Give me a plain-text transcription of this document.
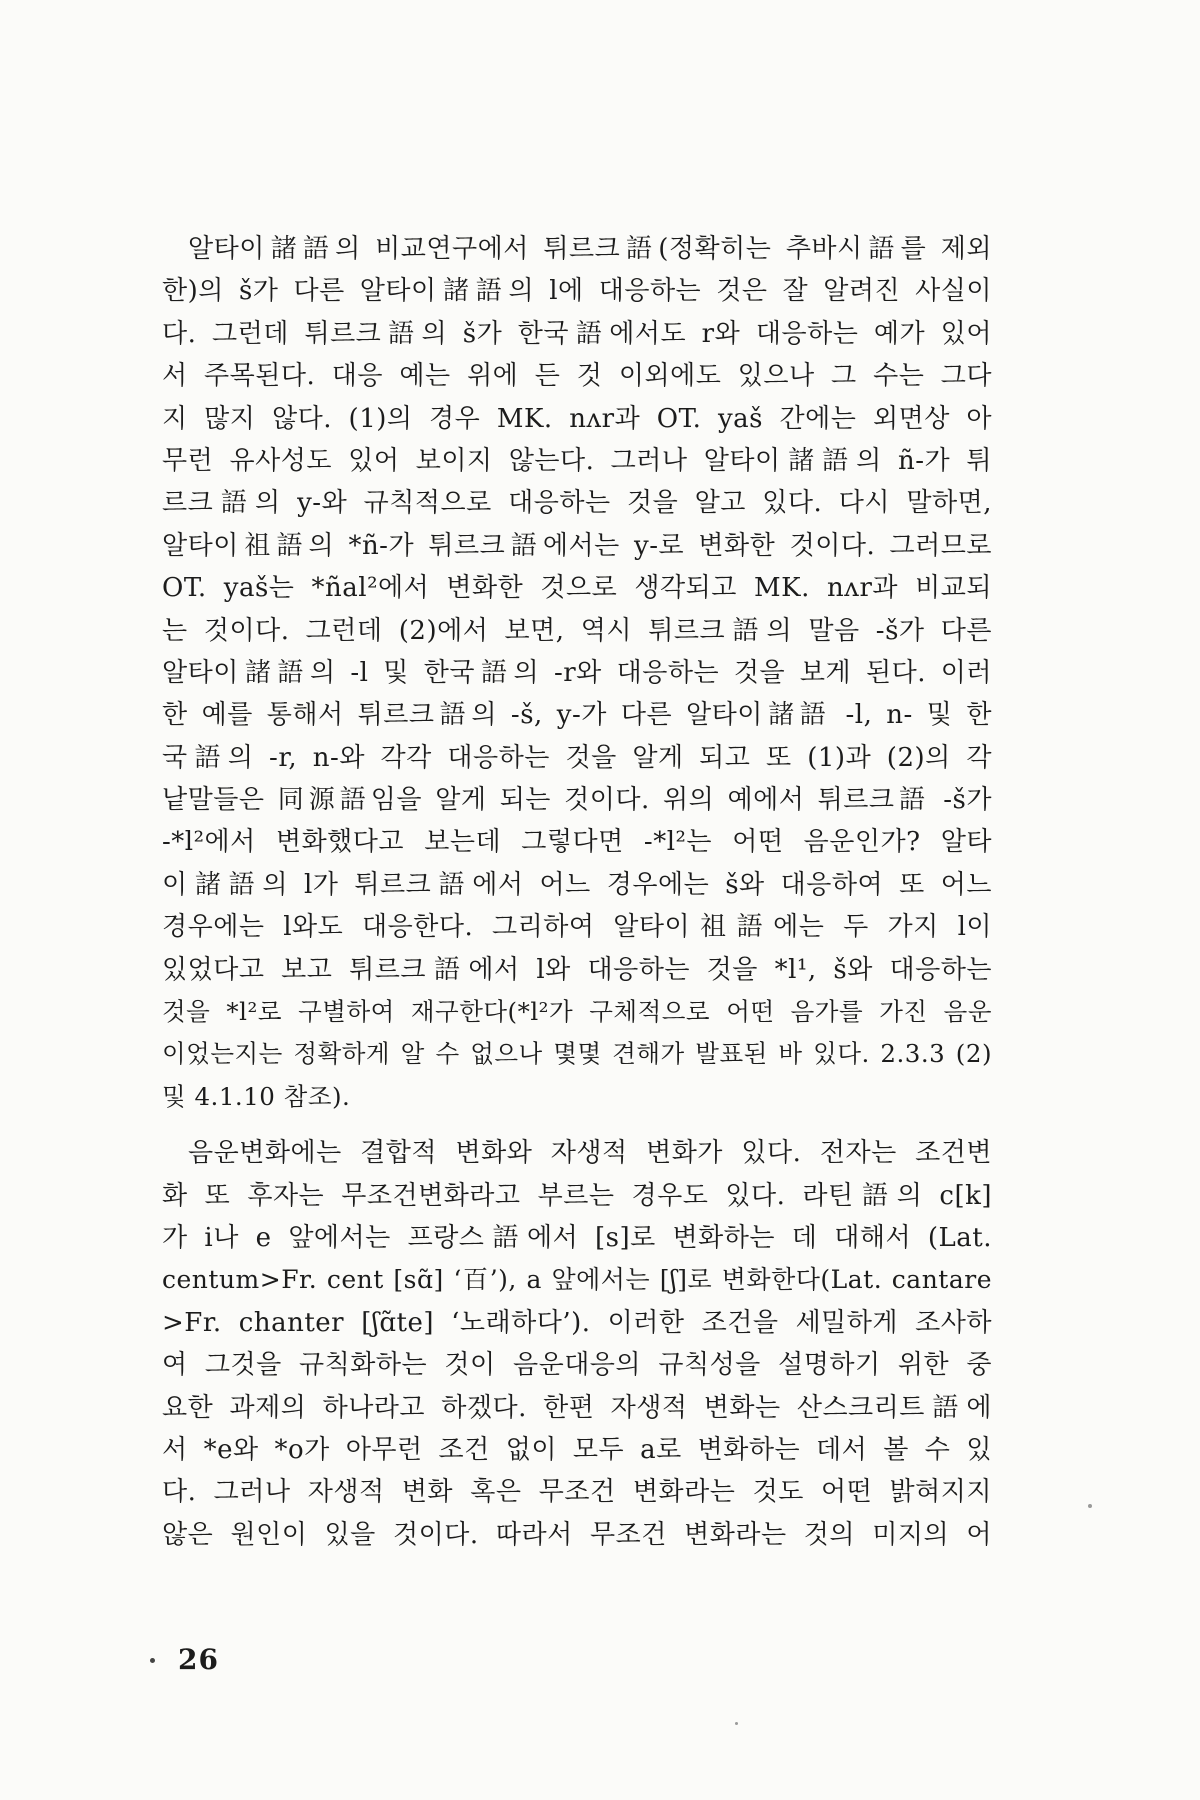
알타이諸語의 비교연구에서 튀르크語(정확히는 추바시語를 제외
한)의 š가 다른 알타이諸語의 l에 대응하는 것은 잘 알려진 사실이
다. 그런데 튀르크語의 š가 한국語에서도 r와 대응하는 예가 있어
서 주목된다. 대응 예는 위에 든 것 이외에도 있으나 그 수는 그다
지 많지 않다. (1)의 경우 MK. nʌr과 OT. yaš 간에는 외면상 아
무런 유사성도 있어 보이지 않는다. 그러나 알타이諸語의 ñ-가 튀
르크語의 y-와 규칙적으로 대응하는 것을 알고 있다. 다시 말하면,
알타이祖語의 *ñ-가 튀르크語에서는 y-로 변화한 것이다. 그러므로
OT. yaš는 *ñal²에서 변화한 것으로 생각되고 MK. nʌr과 비교되
는 것이다. 그런데 (2)에서 보면, 역시 튀르크語의 말음 -š가 다른
알타이諸語의 -l 및 한국語의 -r와 대응하는 것을 보게 된다. 이러
한 예를 통해서 튀르크語의 -š, y-가 다른 알타이諸語 -l, n- 및 한
국語의 -r, n-와 각각 대응하는 것을 알게 되고 또 (1)과 (2)의 각
낱말들은 同源語임을 알게 되는 것이다. 위의 예에서 튀르크語 -š가
-*l²에서 변화했다고 보는데 그렇다면 -*l²는 어떤 음운인가? 알타
이諸語의 l가 튀르크語에서 어느 경우에는 š와 대응하여 또 어느
경우에는 l와도 대응한다. 그리하여 알타이祖語에는 두 가지 l이
있었다고 보고 튀르크語에서 l와 대응하는 것을 *l¹, š와 대응하는
것을 *l²로 구별하여 재구한다(*l²가 구체적으로 어떤 음가를 가진 음운
이었는지는 정확하게 알 수 없으나 몇몇 견해가 발표된 바 있다. 2.3.3 (2)
및 4.1.10 참조).
음운변화에는 결합적 변화와 자생적 변화가 있다. 전자는 조건변
화 또 후자는 무조건변화라고 부르는 경우도 있다. 라틴語의 c[k]
가 i나 e 앞에서는 프랑스語에서 [s]로 변화하는 데 대해서 (Lat.
centum>Fr. cent [sɑ̃] ‘百’), a 앞에서는 [ʃ]로 변화한다(Lat. cantare
>Fr. chanter [ʃɑ̃te] ‘노래하다’). 이러한 조건을 세밀하게 조사하
여 그것을 규칙화하는 것이 음운대응의 규칙성을 설명하기 위한 중
요한 과제의 하나라고 하겠다. 한편 자생적 변화는 산스크리트語에
서 *e와 *o가 아무런 조건 없이 모두 a로 변화하는 데서 볼 수 있
다. 그러나 자생적 변화 혹은 무조건 변화라는 것도 어떤 밝혀지지
않은 원인이 있을 것이다. 따라서 무조건 변화라는 것의 미지의 어
26
